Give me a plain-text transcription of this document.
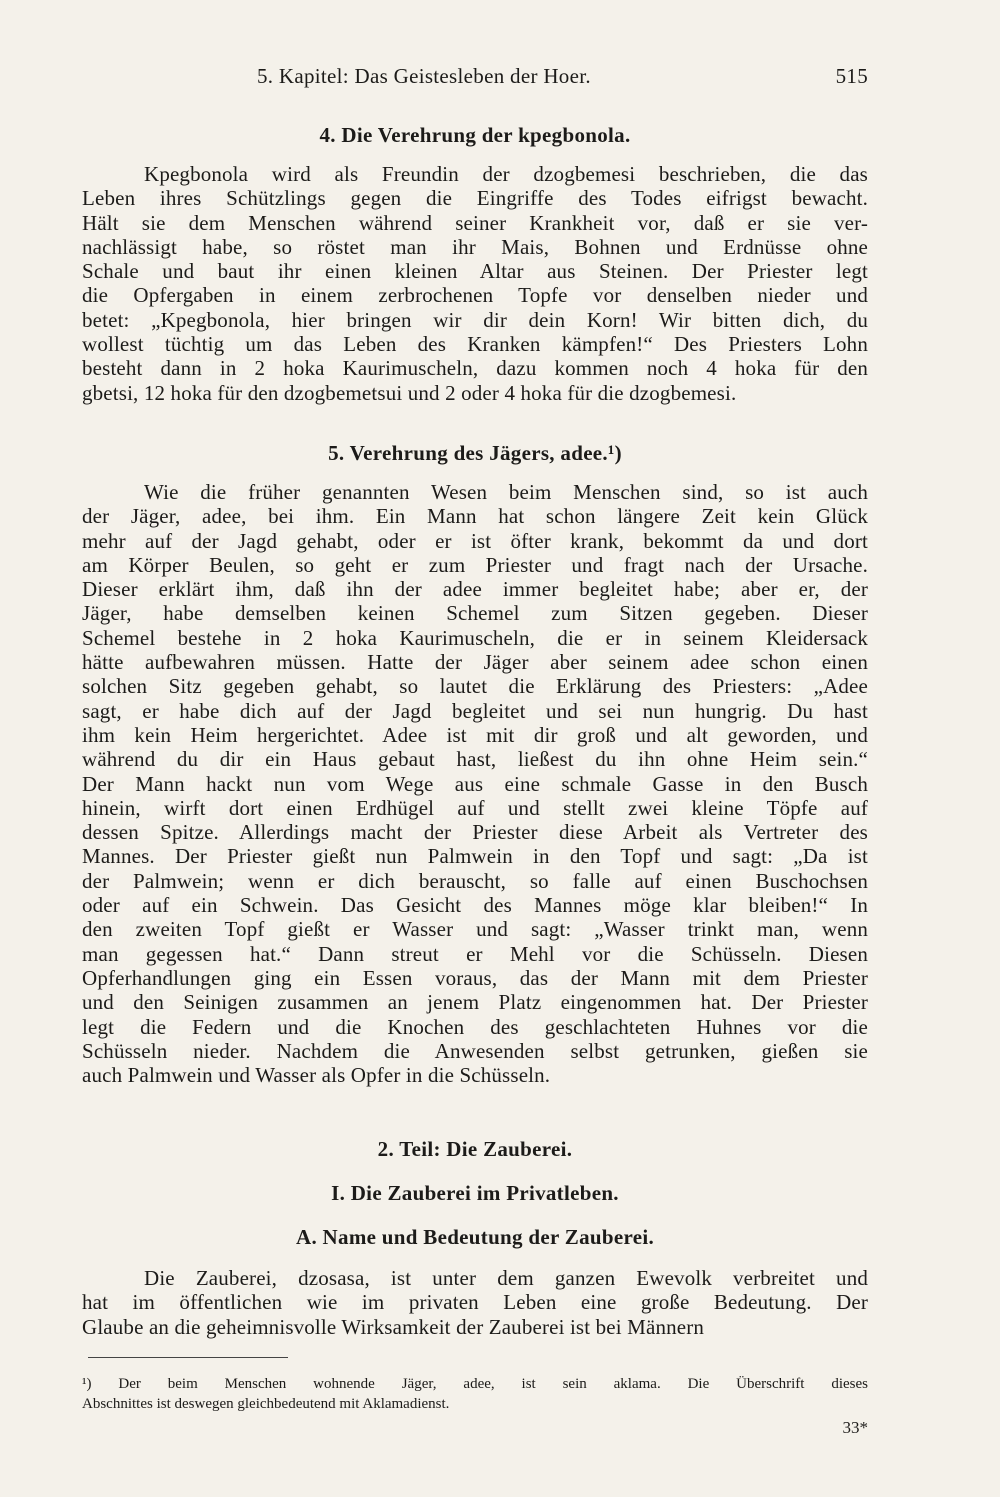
5. Kapitel: Das Geistesleben der Hoer.	515
4. Die Verehrung der kpegbonola.
Kpegbonola wird als Freundin der dzogbemesi beschrieben, die das
Leben ihres Schützlings gegen die Eingriffe des Todes eifrigst bewacht.
Hält sie dem Menschen während seiner Krankheit vor, daß er sie ver-
nachlässigt habe, so röstet man ihr Mais, Bohnen und Erdnüsse ohne
Schale und baut ihr einen kleinen Altar aus Steinen. Der Priester legt
die Opfergaben in einem zerbrochenen Topfe vor denselben nieder und
betet: „Kpegbonola, hier bringen wir dir dein Korn! Wir bitten dich, du
wollest tüchtig um das Leben des Kranken kämpfen!“ Des Priesters Lohn
besteht dann in 2 hoka Kaurimuscheln, dazu kommen noch 4 hoka für den
gbetsi, 12 hoka für den dzogbemetsui und 2 oder 4 hoka für die dzogbemesi.
5. Verehrung des Jägers, adee.¹)
Wie die früher genannten Wesen beim Menschen sind, so ist auch
der Jäger, adee, bei ihm. Ein Mann hat schon längere Zeit kein Glück
mehr auf der Jagd gehabt, oder er ist öfter krank, bekommt da und dort
am Körper Beulen, so geht er zum Priester und fragt nach der Ursache.
Dieser erklärt ihm, daß ihn der adee immer begleitet habe; aber er, der
Jäger, habe demselben keinen Schemel zum Sitzen gegeben. Dieser
Schemel bestehe in 2 hoka Kaurimuscheln, die er in seinem Kleidersack
hätte aufbewahren müssen. Hatte der Jäger aber seinem adee schon einen
solchen Sitz gegeben gehabt, so lautet die Erklärung des Priesters: „Adee
sagt, er habe dich auf der Jagd begleitet und sei nun hungrig. Du hast
ihm kein Heim hergerichtet. Adee ist mit dir groß und alt geworden, und
während du dir ein Haus gebaut hast, ließest du ihn ohne Heim sein.“
Der Mann hackt nun vom Wege aus eine schmale Gasse in den Busch
hinein, wirft dort einen Erdhügel auf und stellt zwei kleine Töpfe auf
dessen Spitze. Allerdings macht der Priester diese Arbeit als Vertreter des
Mannes. Der Priester gießt nun Palmwein in den Topf und sagt: „Da ist
der Palmwein; wenn er dich berauscht, so falle auf einen Buschochsen
oder auf ein Schwein. Das Gesicht des Mannes möge klar bleiben!“ In
den zweiten Topf gießt er Wasser und sagt: „Wasser trinkt man, wenn
man gegessen hat.“ Dann streut er Mehl vor die Schüsseln. Diesen
Opferhandlungen ging ein Essen voraus, das der Mann mit dem Priester
und den Seinigen zusammen an jenem Platz eingenommen hat. Der Priester
legt die Federn und die Knochen des geschlachteten Huhnes vor die
Schüsseln nieder. Nachdem die Anwesenden selbst getrunken, gießen sie
auch Palmwein und Wasser als Opfer in die Schüsseln.
2. Teil: Die Zauberei.
I. Die Zauberei im Privatleben.
A. Name und Bedeutung der Zauberei.
Die Zauberei, dzosasa, ist unter dem ganzen Ewevolk verbreitet und
hat im öffentlichen wie im privaten Leben eine große Bedeutung. Der
Glaube an die geheimnisvolle Wirksamkeit der Zauberei ist bei Männern
¹) Der beim Menschen wohnende Jäger, adee, ist sein aklama. Die Überschrift dieses
Abschnittes ist deswegen gleichbedeutend mit Aklamadienst.
33*
